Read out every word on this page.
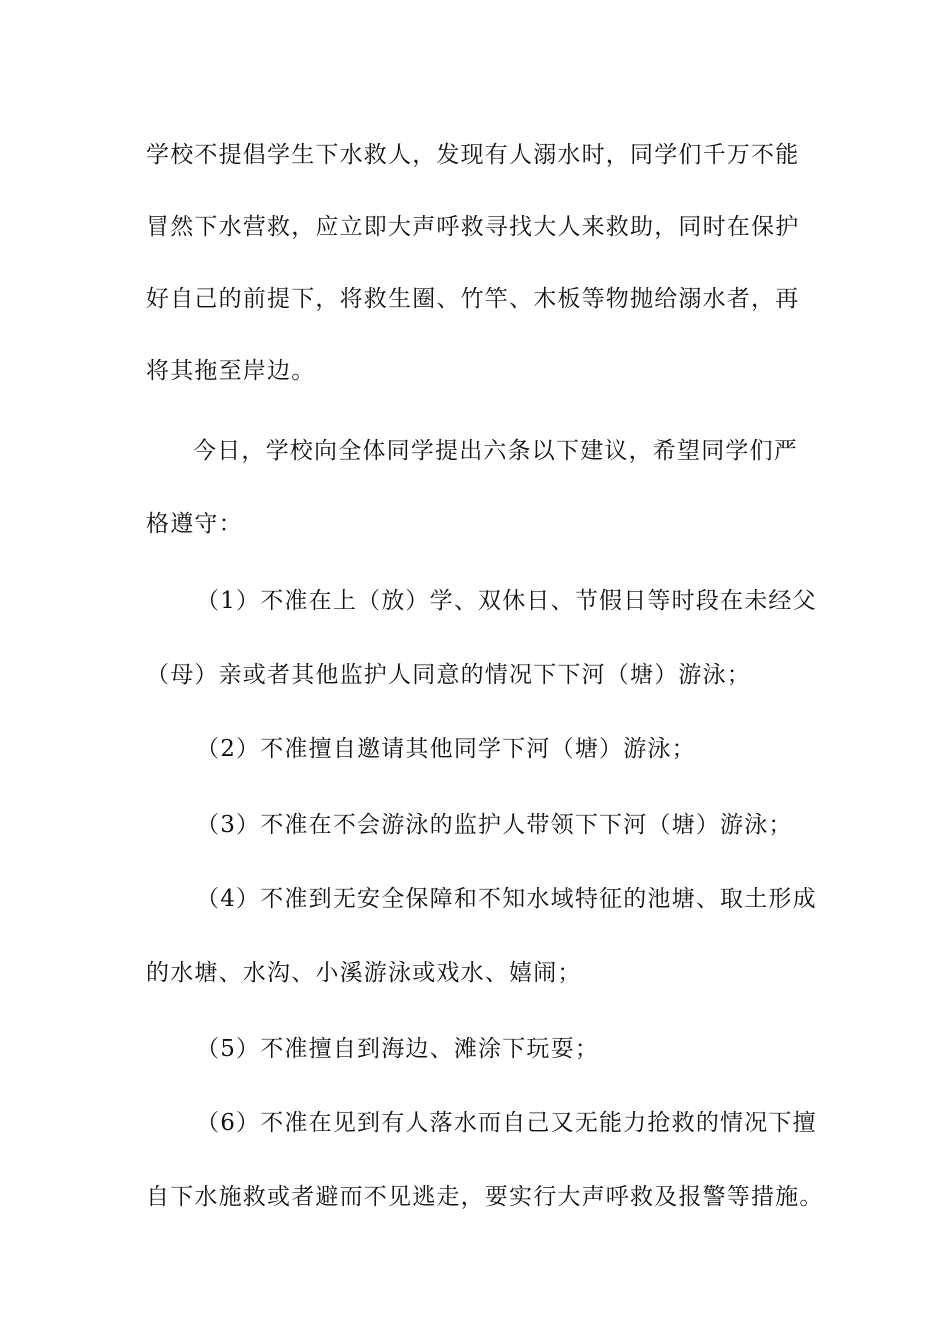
学校不提倡学生下水救人，发现有人溺水时，同学们千万不能
冒然下水营救，应立即大声呼救寻找大人来救助，同时在保护
好自己的前提下，将救生圈、竹竿、木板等物抛给溺水者，再
将其拖至岸边。
今日，学校向全体同学提出六条以下建议，希望同学们严
格遵守：
（1）不准在上（放）学、双休日、节假日等时段在未经父
（母）亲或者其他监护人同意的情况下下河（塘）游泳；
（2）不准擅自邀请其他同学下河（塘）游泳；
（3）不准在不会游泳的监护人带领下下河（塘）游泳；
（4）不准到无安全保障和不知水域特征的池塘、取土形成
的水塘、水沟、小溪游泳或戏水、嬉闹；
（5）不准擅自到海边、滩涂下玩耍；
（6）不准在见到有人落水而自己又无能力抢救的情况下擅
自下水施救或者避而不见逃走，要实行大声呼救及报警等措施。
